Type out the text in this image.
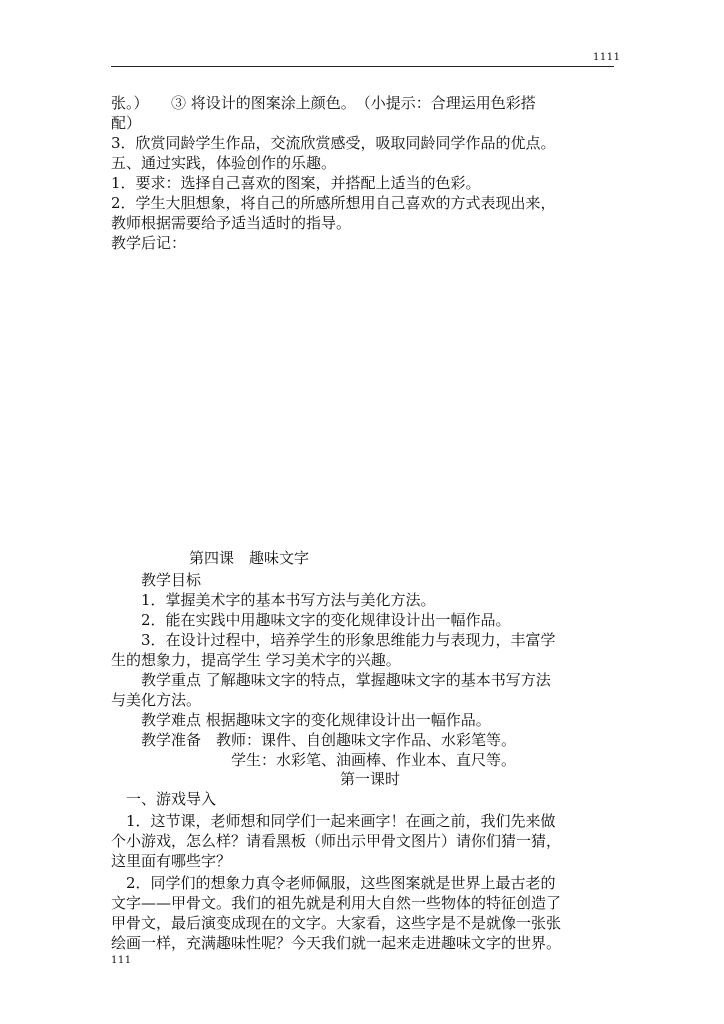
1111
张。）　　③ 将设计的图案涂上颜色。　（小提示：合理运用色彩搭
配）
3．欣赏同龄学生作品，交流欣赏感受，吸取同龄同学作品的优点。
五、通过实践，体验创作的乐趣。
1．要求：选择自己喜欢的图案，并搭配上适当的色彩。
2．学生大胆想象，将自己的所感所想用自己喜欢的方式表现出来，
教师根据需要给予适当适时的指导。
教学后记：
第四课　趣味文字
　　教学目标
　　1．掌握美术字的基本书写方法与美化方法。
　　2．能在实践中用趣味文字的变化规律设计出一幅作品。
　　3．在设计过程中，培养学生的形象思维能力与表现力，丰富学
生的想象力，提高学生 学习美术字的兴趣。
　　教学重点 了解趣味文字的特点，掌握趣味文字的基本书写方法
与美化方法。
　　教学难点 根据趣味文字的变化规律设计出一幅作品。
　　教学准备　教师：课件、自创趣味文字作品、水彩笔等。
　　　　　　　　学生：水彩笔、油画棒、作业本、直尺等。
第一课时
　一、游戏导入
　1．这节课，老师想和同学们一起来画字！在画之前，我们先来做
个小游戏，怎么样？请看黑板（师出示甲骨文图片）请你们猜一猜，
这里面有哪些字？
　2．同学们的想象力真令老师佩服，这些图案就是世界上最古老的
文字——甲骨文。我们的祖先就是利用大自然一些物体的特征创造了
甲骨文，最后演变成现在的文字。大家看，这些字是不是就像一张张
绘画一样，充满趣味性呢？今天我们就一起来走进趣味文字的世界。
111
